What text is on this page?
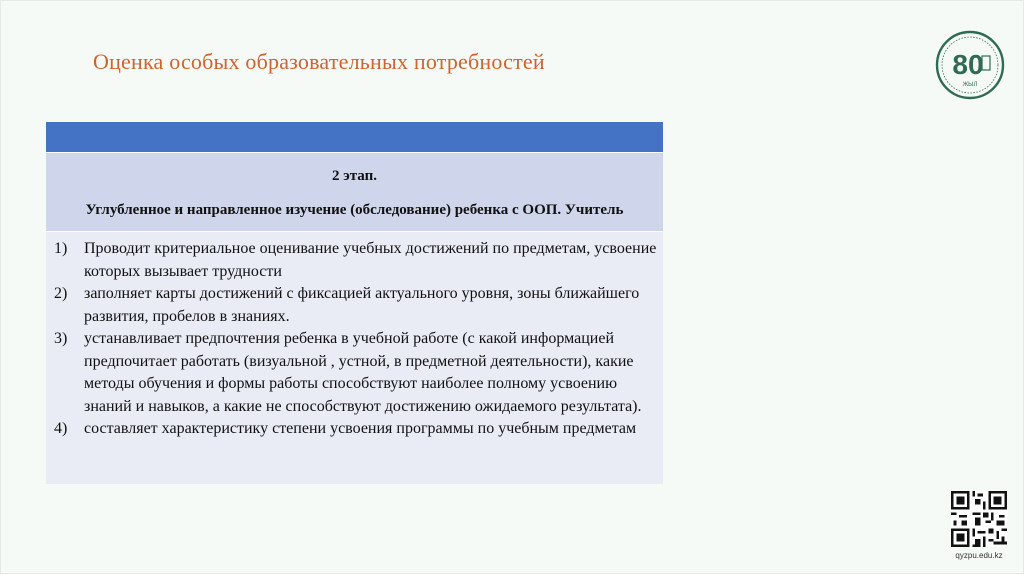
Оценка особых образовательных потребностей	80
ЖЫЛ
2 этап.
Углубленное и направленное изучение (обследование) ребенка с ООП. Учитель
1)	Проводит критериальное оценивание учебных достижений по предметам, усвоение которых вызывает трудности
2)	заполняет карты достижений с фиксацией актуального уровня, зоны ближайшего развития, пробелов в знаниях.
3)	устанавливает предпочтения ребенка в учебной работе (с какой информацией предпочитает работать (визуальной , устной, в предметной деятельности), какие методы обучения и формы работы способствуют наиболее полному усвоению знаний и навыков, а какие не способствуют достижению ожидаемого результата).
4)	составляет характеристику степени усвоения программы по учебным предметам
qyzpu.edu.kz
